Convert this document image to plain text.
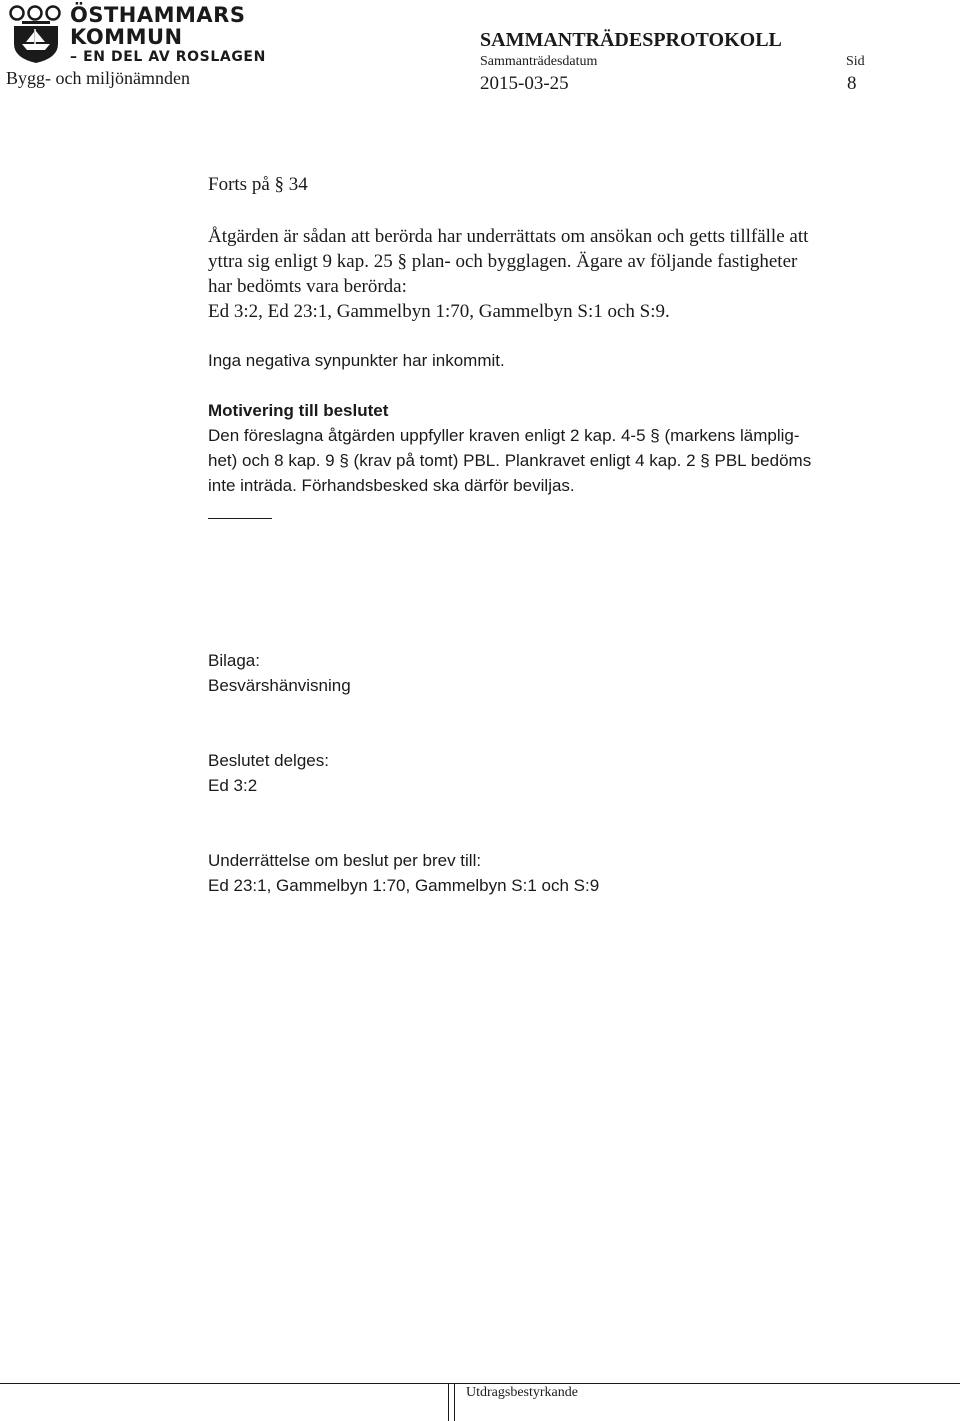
ÖSTHAMMARS
KOMMUN
– EN DEL AV ROSLAGEN
Bygg- och miljönämnden
SAMMANTRÄDESPROTOKOLL
Sammanträdesdatum	Sid
2015-03-25	8
Forts på § 34
Åtgärden är sådan att berörda har underrättats om ansökan och getts tillfälle att
yttra sig enligt 9 kap. 25 § plan- och bygglagen. Ägare av följande fastigheter
har bedömts vara berörda:
Ed 3:2, Ed 23:1, Gammelbyn 1:70, Gammelbyn S:1 och S:9.
Inga negativa synpunkter har inkommit.
Motivering till beslutet
Den föreslagna åtgärden uppfyller kraven enligt 2 kap. 4-5 § (markens lämplig-
het) och 8 kap. 9 § (krav på tomt) PBL. Plankravet enligt 4 kap. 2 § PBL bedöms
inte inträda. Förhandsbesked ska därför beviljas.
Bilaga:
Besvärshänvisning
Beslutet delges:
Ed 3:2
Underrättelse om beslut per brev till:
Ed 23:1, Gammelbyn 1:70, Gammelbyn S:1 och S:9
Utdragsbestyrkande
